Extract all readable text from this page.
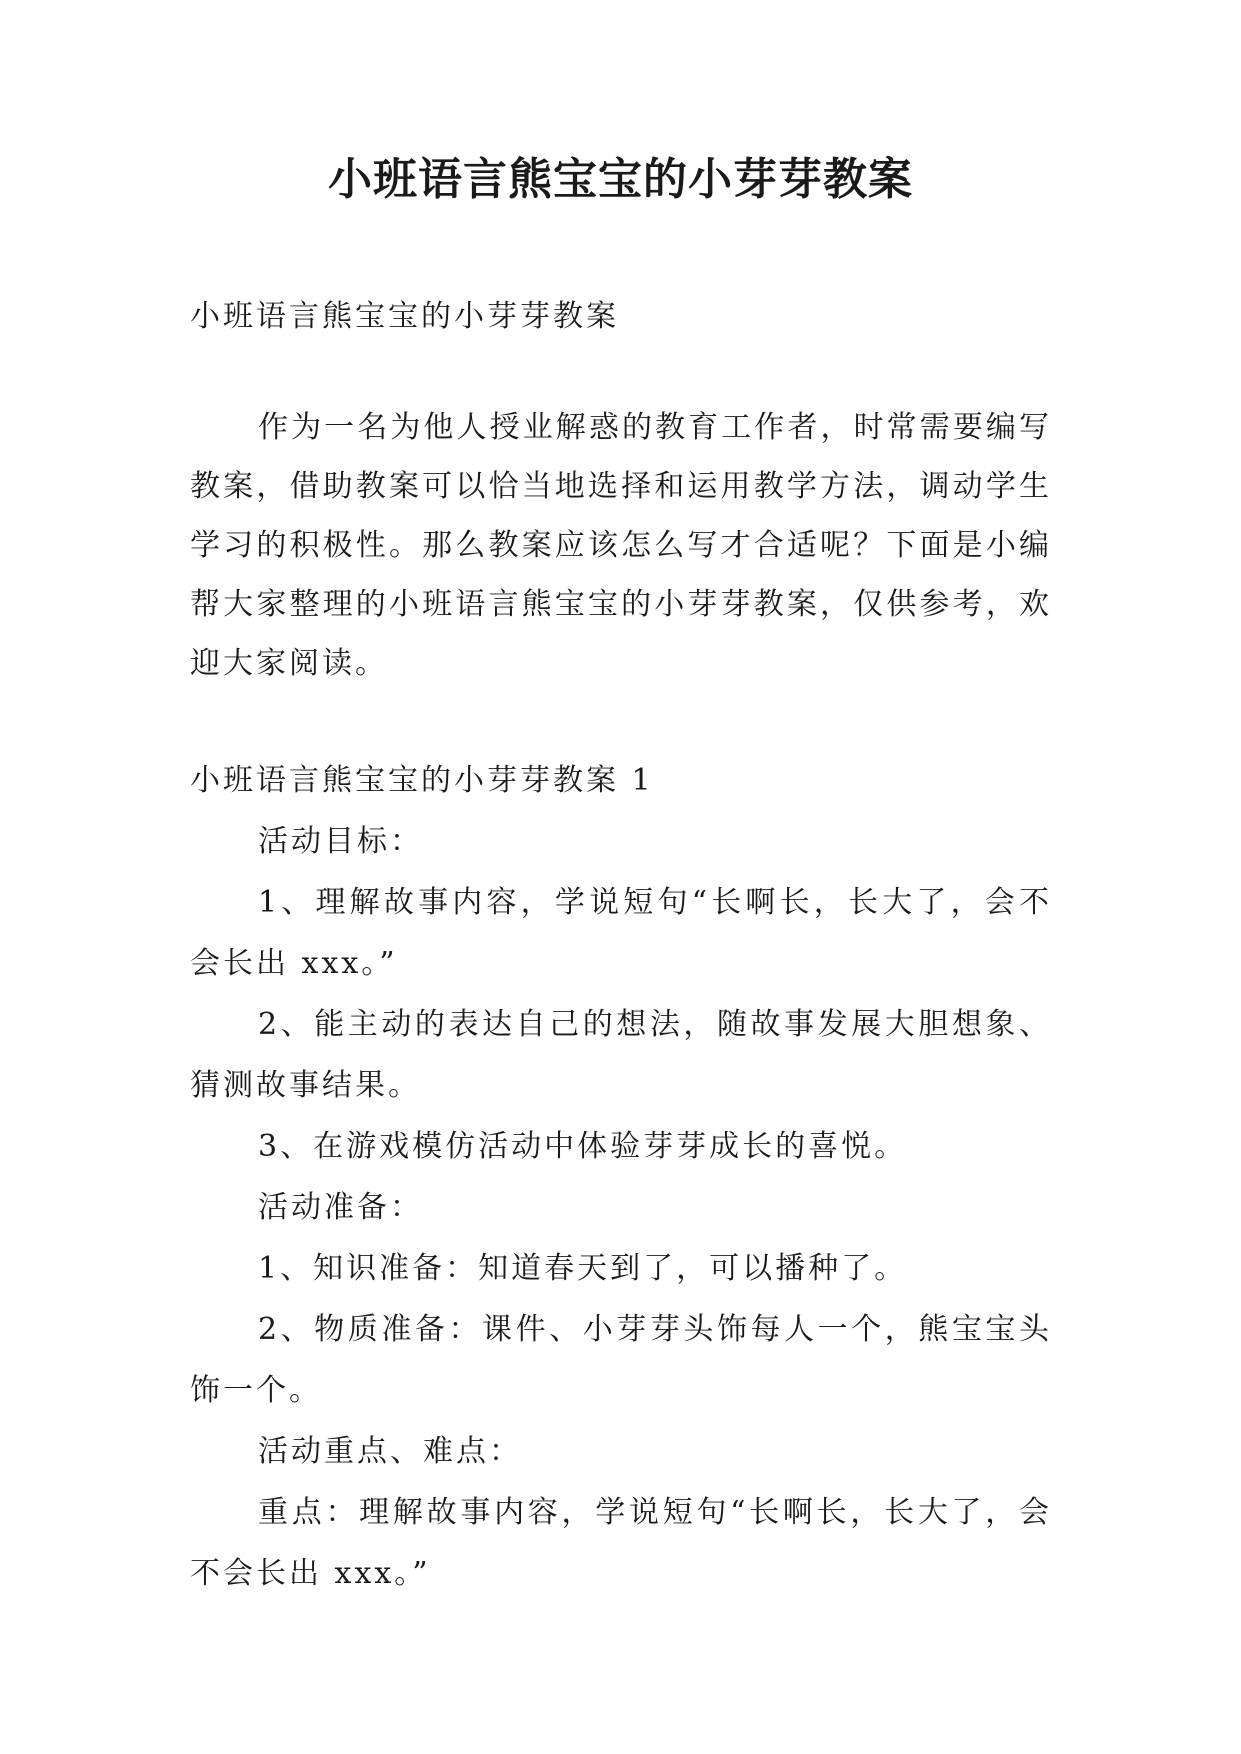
小班语言熊宝宝的小芽芽教案

小班语言熊宝宝的小芽芽教案

作为一名为他人授业解惑的教育工作者，时常需要编写教案，借助教案可以恰当地选择和运用教学方法，调动学生学习的积极性。那么教案应该怎么写才合适呢？下面是小编帮大家整理的小班语言熊宝宝的小芽芽教案，仅供参考，欢迎大家阅读。

小班语言熊宝宝的小芽芽教案 1

活动目标：

1、理解故事内容，学说短句“长啊长，长大了，会不会长出 xxx。”

2、能主动的表达自己的想法，随故事发展大胆想象、猜测故事结果。

3、在游戏模仿活动中体验芽芽成长的喜悦。

活动准备：

1、知识准备：知道春天到了，可以播种了。

2、物质准备：课件、小芽芽头饰每人一个，熊宝宝头饰一个。

活动重点、难点：

重点：理解故事内容，学说短句“长啊长，长大了，会不会长出 xxx。”
